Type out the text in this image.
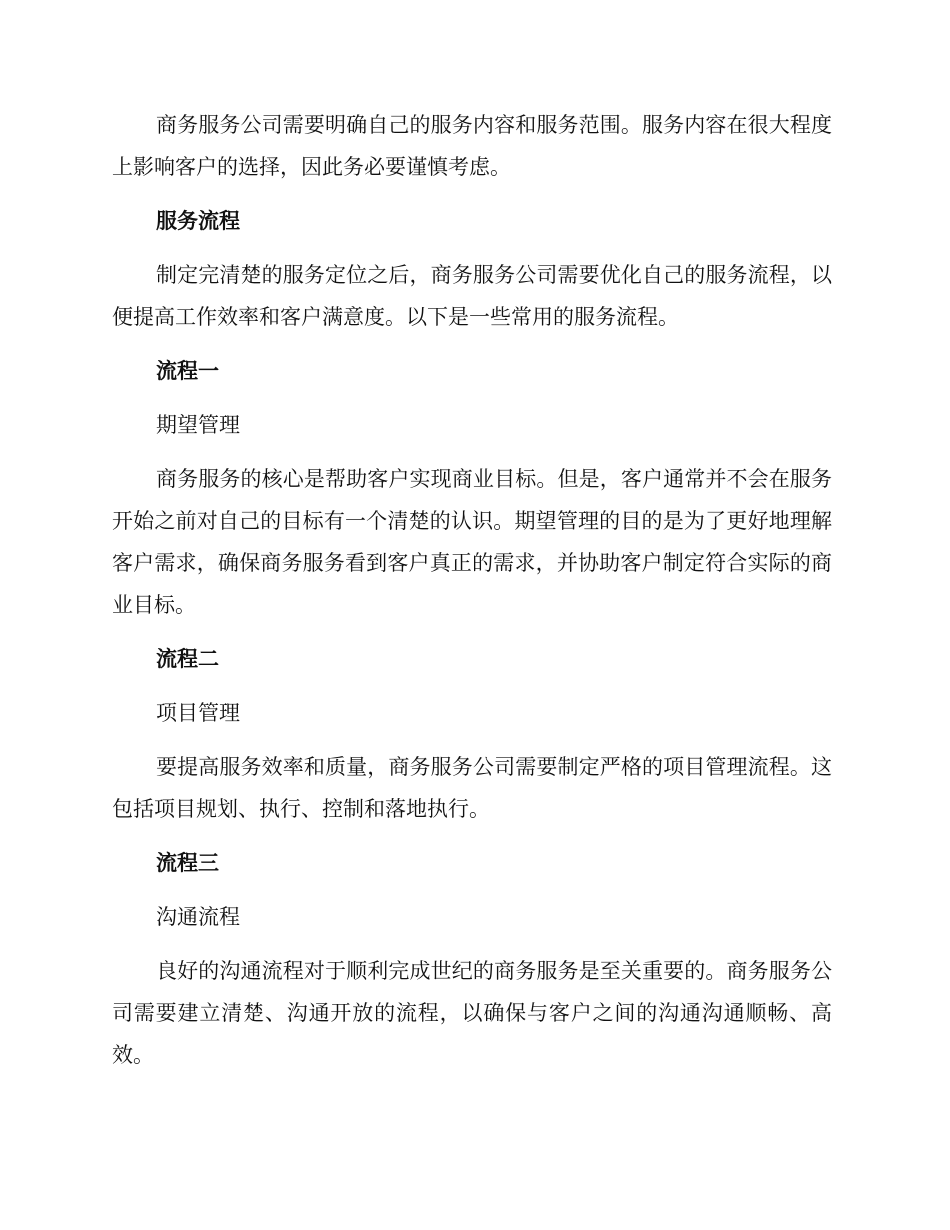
商务服务公司需要明确自己的服务内容和服务范围。服务内容在很大程度上影响客户的选择，因此务必要谨慎考虑。

服务流程

制定完清楚的服务定位之后，商务服务公司需要优化自己的服务流程，以便提高工作效率和客户满意度。以下是一些常用的服务流程。

流程一

期望管理

商务服务的核心是帮助客户实现商业目标。但是，客户通常并不会在服务开始之前对自己的目标有一个清楚的认识。期望管理的目的是为了更好地理解客户需求，确保商务服务看到客户真正的需求，并协助客户制定符合实际的商业目标。

流程二

项目管理

要提高服务效率和质量，商务服务公司需要制定严格的项目管理流程。这包括项目规划、执行、控制和落地执行。

流程三

沟通流程

良好的沟通流程对于顺利完成世纪的商务服务是至关重要的。商务服务公司需要建立清楚、沟通开放的流程，以确保与客户之间的沟通沟通顺畅、高效。
